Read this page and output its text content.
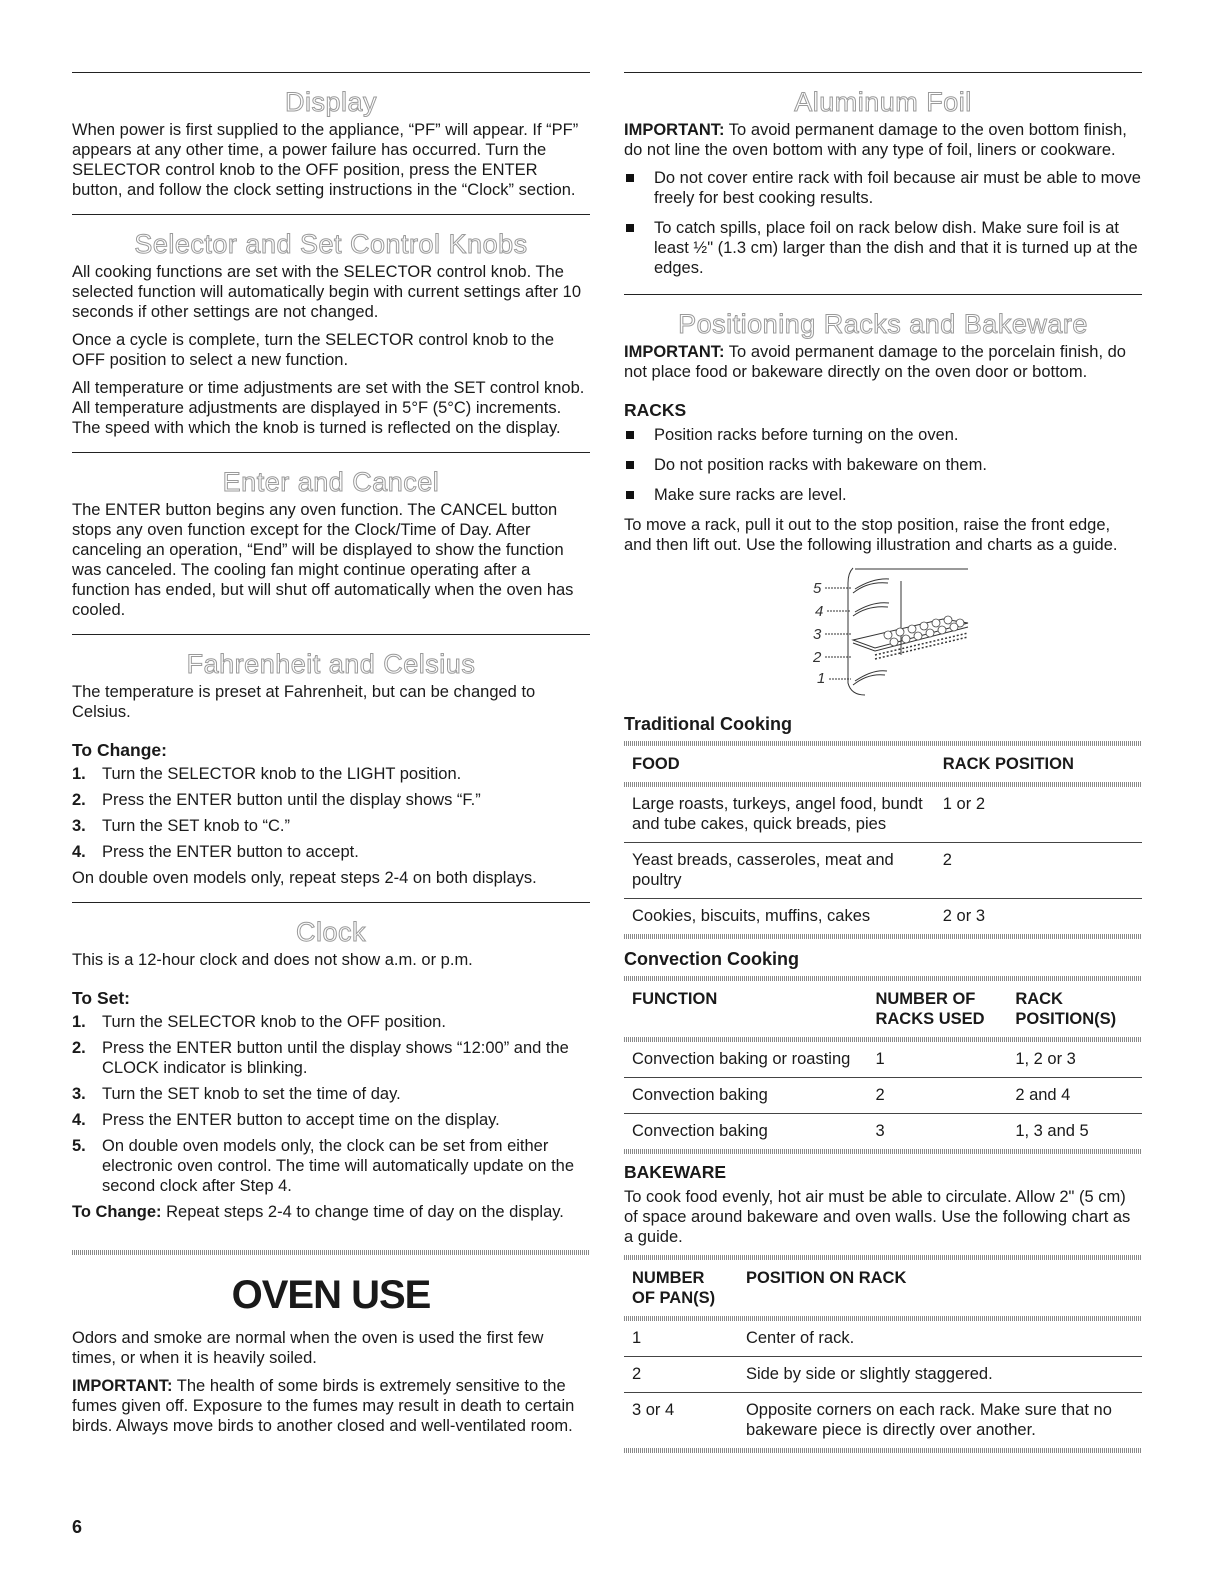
Display

When power is first supplied to the appliance, “PF” will appear. If “PF” appears at any other time, a power failure has occurred. Turn the SELECTOR control knob to the OFF position, press the ENTER button, and follow the clock setting instructions in the “Clock” section.

Selector and Set Control Knobs

All cooking functions are set with the SELECTOR control knob. The selected function will automatically begin with current settings after 10 seconds if other settings are not changed.

Once a cycle is complete, turn the SELECTOR control knob to the OFF position to select a new function.

All temperature or time adjustments are set with the SET control knob. All temperature adjustments are displayed in 5°F (5°C) increments. The speed with which the knob is turned is reflected on the display.

Enter and Cancel

The ENTER button begins any oven function. The CANCEL button stops any oven function except for the Clock/Time of Day. After canceling an operation, “End” will be displayed to show the function was canceled. The cooling fan might continue operating after a function has ended, but will shut off automatically when the oven has cooled.

Fahrenheit and Celsius

The temperature is preset at Fahrenheit, but can be changed to Celsius.

To Change:
1. Turn the SELECTOR knob to the LIGHT position.
2. Press the ENTER button until the display shows “F.”
3. Turn the SET knob to “C.”
4. Press the ENTER button to accept.

On double oven models only, repeat steps 2-4 on both displays.

Clock

This is a 12-hour clock and does not show a.m. or p.m.

To Set:
1. Turn the SELECTOR knob to the OFF position.
2. Press the ENTER button until the display shows “12:00” and the CLOCK indicator is blinking.
3. Turn the SET knob to set the time of day.
4. Press the ENTER button to accept time on the display.
5. On double oven models only, the clock can be set from either electronic oven control. The time will automatically update on the second clock after Step 4.

To Change: Repeat steps 2-4 to change time of day on the display.

OVEN USE

Odors and smoke are normal when the oven is used the first few times, or when it is heavily soiled.

IMPORTANT: The health of some birds is extremely sensitive to the fumes given off. Exposure to the fumes may result in death to certain birds. Always move birds to another closed and well-ventilated room.

Aluminum Foil

IMPORTANT: To avoid permanent damage to the oven bottom finish, do not line the oven bottom with any type of foil, liners or cookware.

Do not cover entire rack with foil because air must be able to move freely for best cooking results.
To catch spills, place foil on rack below dish. Make sure foil is at least ½" (1.3 cm) larger than the dish and that it is turned up at the edges.
Positioning Racks and Bakeware

IMPORTANT: To avoid permanent damage to the porcelain finish, do not place food or bakeware directly on the oven door or bottom.

RACKS
Position racks before turning on the oven.
Do not position racks with bakeware on them.
Make sure racks are level.

To move a rack, pull it out to the stop position, raise the front edge, and then lift out. Use the following illustration and charts as a guide.

5
4
3
2
1
Traditional Cooking

FOOD	RACK POSITION

Large roasts, turkeys, angel food, bundt and tube cakes, quick breads, pies	1 or 2
Yeast breads, casseroles, meat and poultry	2
Cookies, biscuits, muffins, cakes	2 or 3

Convection Cooking

FUNCTION	NUMBER OF RACKS USED	RACK POSITION(S)

Convection baking or roasting	1	1, 2 or 3
Convection baking	2	2 and 4
Convection baking	3	1, 3 and 5

BAKEWARE

To cook food evenly, hot air must be able to circulate. Allow 2" (5 cm) of space around bakeware and oven walls. Use the following chart as a guide.

NUMBER OF PAN(S)	POSITION ON RACK

1	Center of rack.
2	Side by side or slightly staggered.
3 or 4	Opposite corners on each rack. Make sure that no bakeware piece is directly over another.

6
